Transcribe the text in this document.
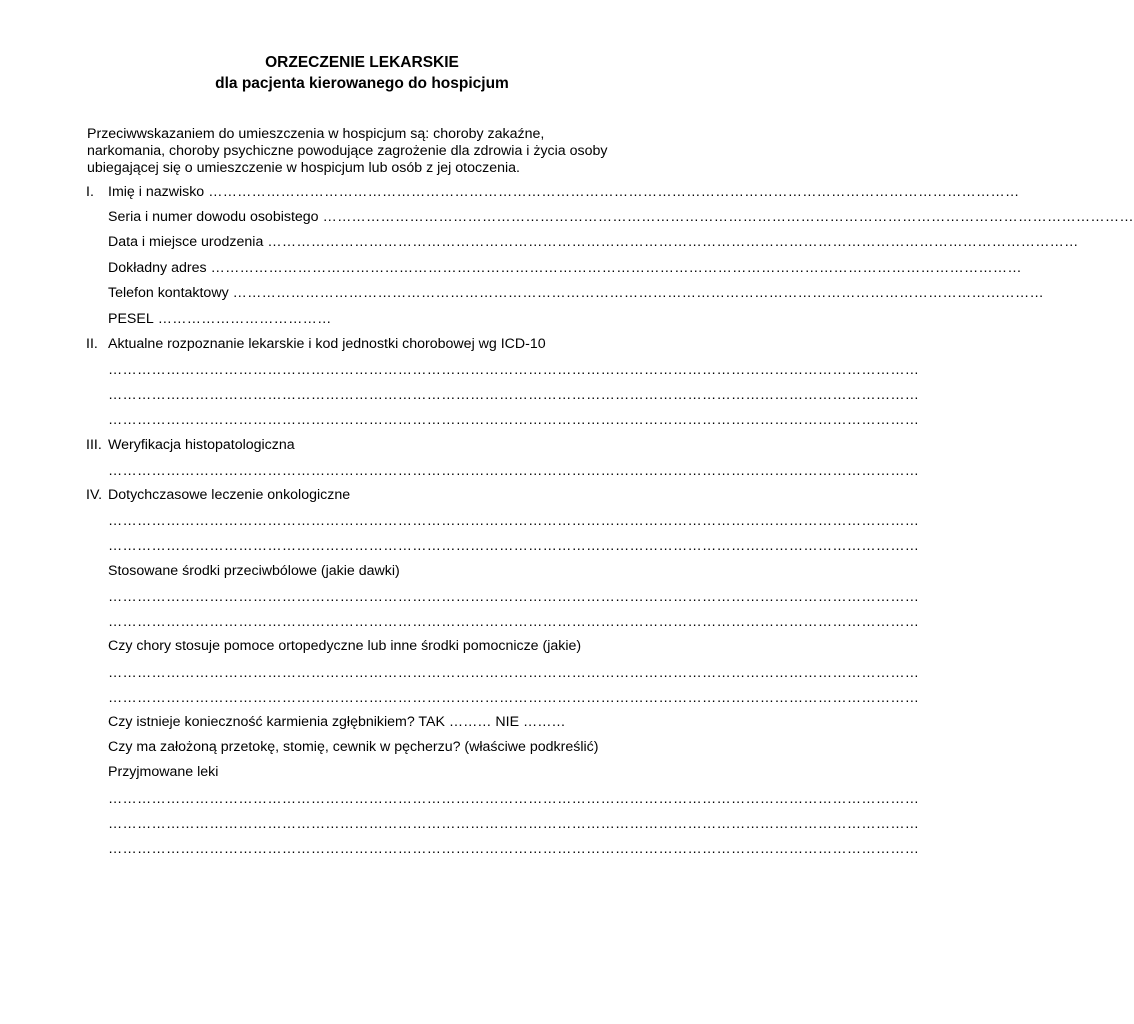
ORZECZENIE LEKARSKIE
dla pacjenta kierowanego do hospicjum
Przeciwwskazaniem do umieszczenia w hospicjum są: choroby zakaźne,
narkomania, choroby psychiczne powodujące zagrożenie dla zdrowia i życia osoby
ubiegającej się o umieszczenie w hospicjum lub osób z jej otoczenia.
I. Imię i nazwisko ……………………………………………………………………………………………………………………………………………………
Seria i numer dowodu osobistego ……………………………………………………………………………………………………………………………………………………
Data i miejsce urodzenia ……………………………………………………………………………………………………………………………………………………
Dokładny adres ……………………………………………………………………………………………………………………………………………………
Telefon kontaktowy ……………………………………………………………………………………………………………………………………………………
PESEL ………………………………
II. Aktualne rozpoznanie lekarskie i kod jednostki chorobowej wg ICD-10
……………………………………………………………………………………………………………………………………………………
……………………………………………………………………………………………………………………………………………………
……………………………………………………………………………………………………………………………………………………
III. Weryfikacja histopatologiczna
……………………………………………………………………………………………………………………………………………………
IV. Dotychczasowe leczenie onkologiczne
……………………………………………………………………………………………………………………………………………………
……………………………………………………………………………………………………………………………………………………
Stosowane środki przeciwbólowe (jakie dawki)
……………………………………………………………………………………………………………………………………………………
……………………………………………………………………………………………………………………………………………………
Czy chory stosuje pomoce ortopedyczne lub inne środki pomocnicze (jakie)
……………………………………………………………………………………………………………………………………………………
……………………………………………………………………………………………………………………………………………………
Czy istnieje konieczność karmienia zgłębnikiem? TAK ……… NIE ………
Czy ma założoną przetokę, stomię, cewnik w pęcherzu? (właściwe podkreślić)
Przyjmowane leki
……………………………………………………………………………………………………………………………………………………
……………………………………………………………………………………………………………………………………………………
……………………………………………………………………………………………………………………………………………………
